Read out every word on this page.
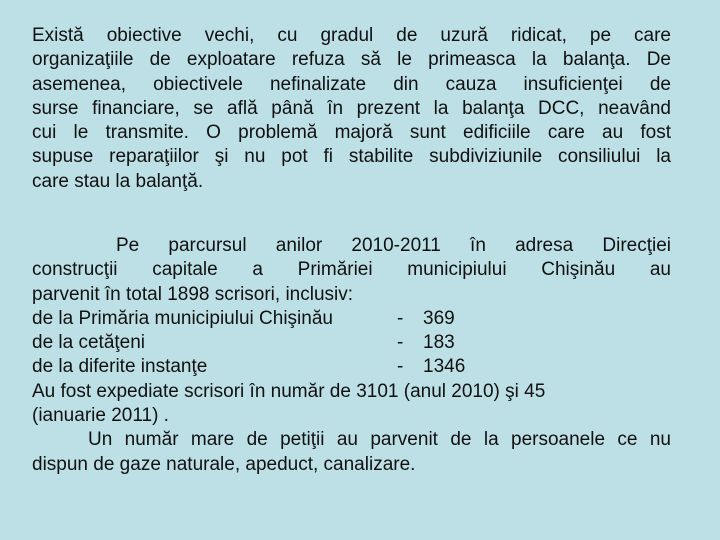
Există obiective vechi, cu gradul de uzură ridicat, pe care
organizaţiile de exploatare refuza să le primeasca la balanţa. De
asemenea, obiectivele nefinalizate din cauza insuficienţei de
surse financiare, se află până în prezent la balanţa DCC, neavând
cui le transmite. O problemă majoră sunt edificiile care au fost
supuse reparaţiilor şi nu pot fi stabilite subdiviziunile consiliului la
care stau la balanţă.
Pe parcursul anilor 2010-2011 în adresa Direcţiei
construcţii capitale a Primăriei municipiului Chişinău au
parvenit în total 1898 scrisori, inclusiv:
de la Primăria municipiului Chişinău	-	369
de la cetăţeni	-	183
de la diferite instanţe	-	1346
Au fost expediate scrisori în număr de 3101 (anul 2010) şi 45
(ianuarie 2011) .
Un număr mare de petiţii au parvenit de la persoanele ce nu
dispun de gaze naturale, apeduct, canalizare.
